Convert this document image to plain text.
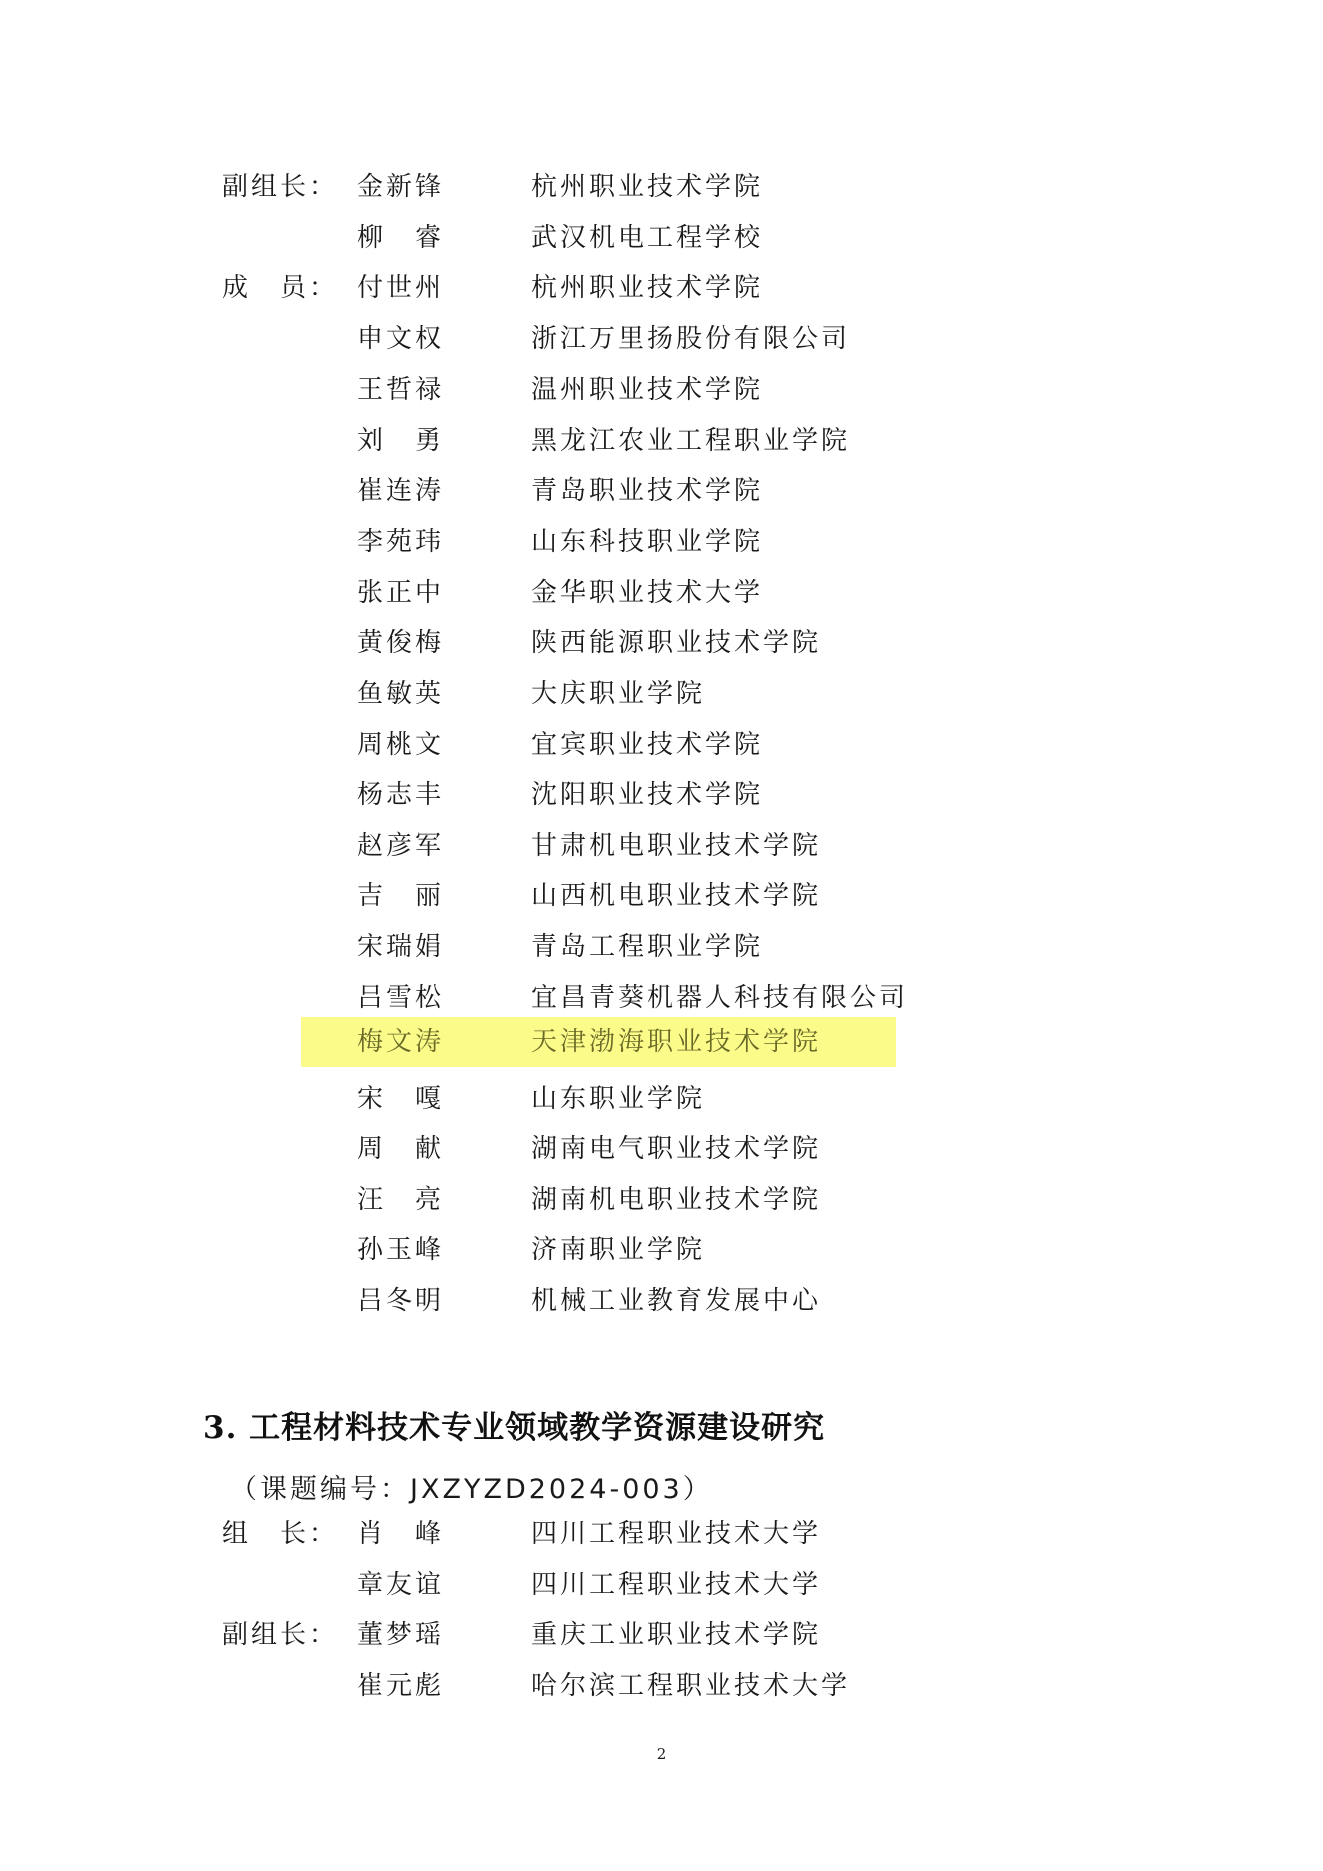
副组长： 金新锋	杭州职业技术学院
柳　睿	武汉机电工程学校
成　员： 付世州	杭州职业技术学院
申文权	浙江万里扬股份有限公司
王哲禄	温州职业技术学院
刘　勇	黑龙江农业工程职业学院
崔连涛	青岛职业技术学院
李苑玮	山东科技职业学院
张正中	金华职业技术大学
黄俊梅	陕西能源职业技术学院
鱼敏英	大庆职业学院
周桃文	宜宾职业技术学院
杨志丰	沈阳职业技术学院
赵彦军	甘肃机电职业技术学院
吉　丽	山西机电职业技术学院
宋瑞娟	青岛工程职业学院
吕雪松	宜昌青葵机器人科技有限公司
梅文涛	天津渤海职业技术学院
宋　嘎	山东职业学院
周　献	湖南电气职业技术学院
汪　亮	湖南机电职业技术学院
孙玉峰	济南职业学院
吕冬明	机械工业教育发展中心
3. 工程材料技术专业领域教学资源建设研究
（课题编号：JXZYZD2024-003）
组　长： 肖　峰	四川工程职业技术大学
章友谊	四川工程职业技术大学
副组长： 董梦瑶	重庆工业职业技术学院
崔元彪	哈尔滨工程职业技术大学
2
